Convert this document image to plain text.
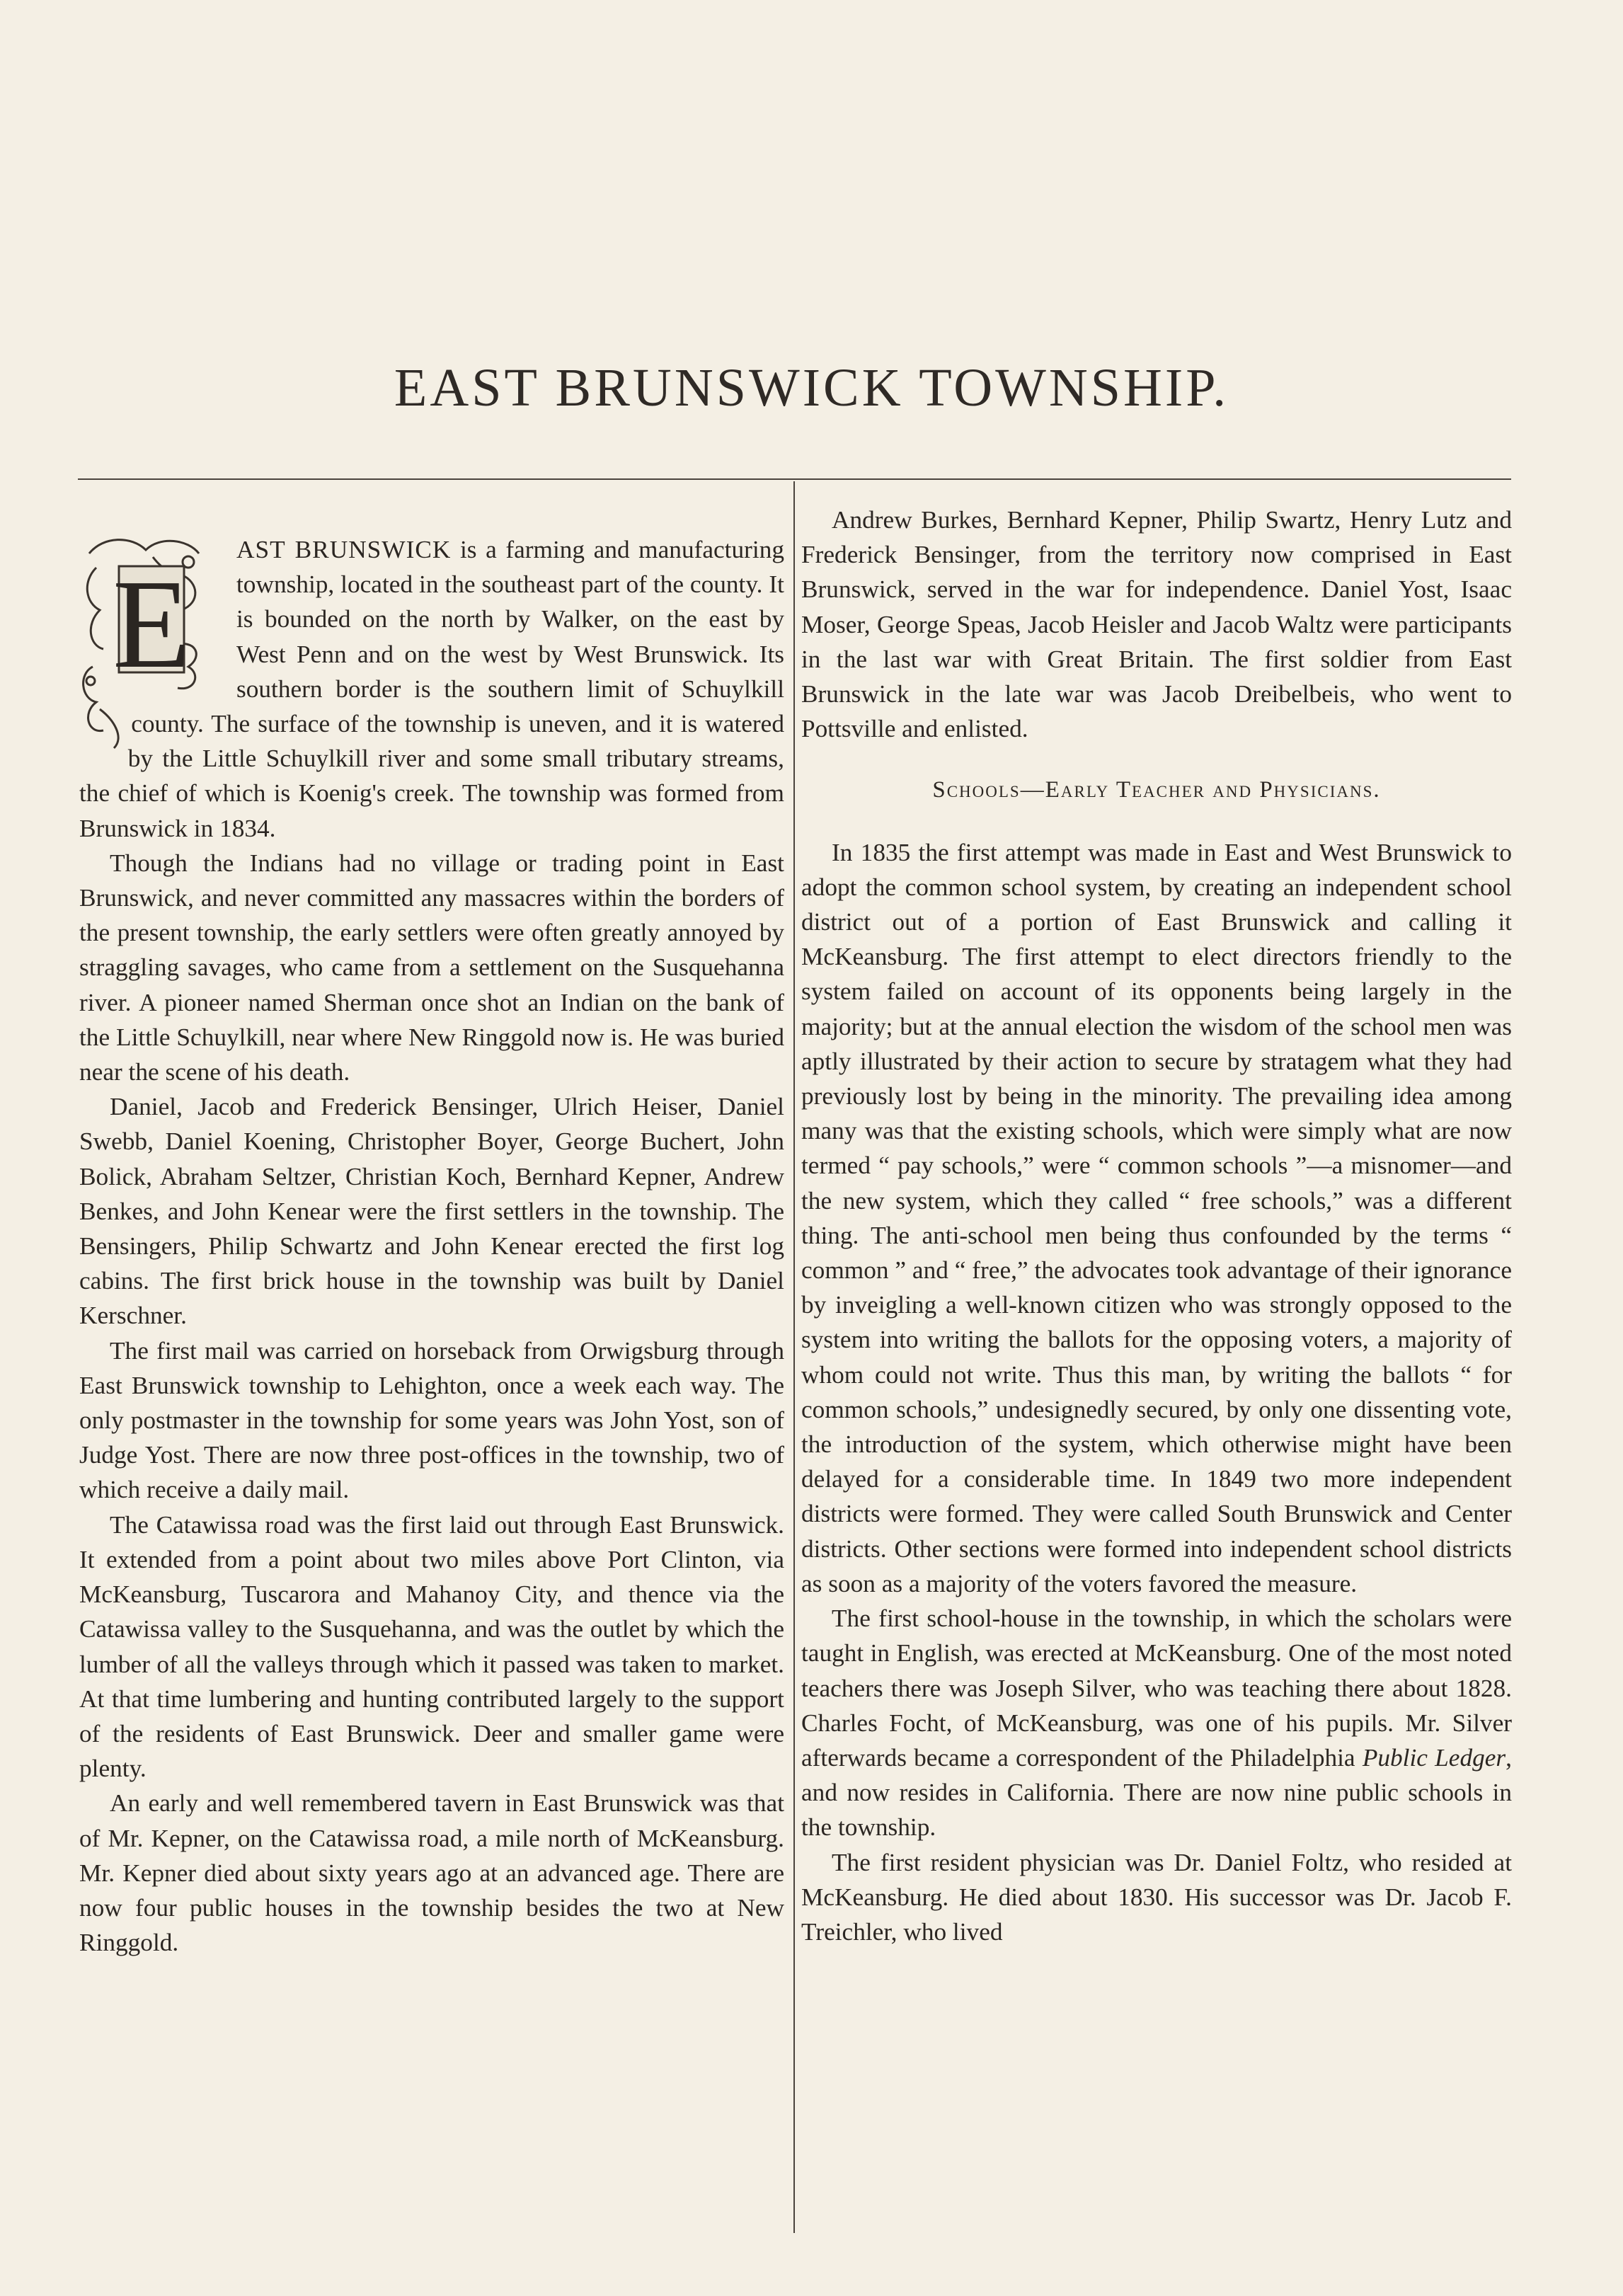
EAST BRUNSWICK TOWNSHIP.
E

AST BRUNSWICK is a farming and manufacturing township, located in the southeast part of the county. It is bounded on the north by Walker, on the east by West Penn and on the west by West Brunswick. Its southern border is the southern limit of Schuylkill county. The surface of the township is uneven, and it is watered by the Little Schuylkill river and some small tributary streams, the chief of which is Koenig's creek. The township was formed from Brunswick in 1834.

Though the Indians had no village or trading point in East Brunswick, and never committed any massacres within the borders of the present township, the early settlers were often greatly annoyed by straggling savages, who came from a settlement on the Susquehanna river. A pioneer named Sherman once shot an Indian on the bank of the Little Schuylkill, near where New Ringgold now is. He was buried near the scene of his death.

Daniel, Jacob and Frederick Bensinger, Ulrich Heiser, Daniel Swebb, Daniel Koening, Christopher Boyer, George Buchert, John Bolick, Abraham Seltzer, Christian Koch, Bernhard Kepner, Andrew Benkes, and John Kenear were the first settlers in the township. The Bensingers, Philip Schwartz and John Kenear erected the first log cabins. The first brick house in the township was built by Daniel Kerschner.

The first mail was carried on horseback from Orwigsburg through East Brunswick township to Lehighton, once a week each way. The only postmaster in the township for some years was John Yost, son of Judge Yost. There are now three post-offices in the township, two of which receive a daily mail.

The Catawissa road was the first laid out through East Brunswick. It extended from a point about two miles above Port Clinton, via McKeansburg, Tuscarora and Mahanoy City, and thence via the Catawissa valley to the Susquehanna, and was the outlet by which the lumber of all the valleys through which it passed was taken to market. At that time lumbering and hunting contributed largely to the support of the residents of East Brunswick. Deer and smaller game were plenty.

An early and well remembered tavern in East Brunswick was that of Mr. Kepner, on the Catawissa road, a mile north of McKeansburg. Mr. Kepner died about sixty years ago at an advanced age. There are now four public houses in the township besides the two at New Ringgold.

Andrew Burkes, Bernhard Kepner, Philip Swartz, Henry Lutz and Frederick Bensinger, from the territory now comprised in East Brunswick, served in the war for independence. Daniel Yost, Isaac Moser, George Speas, Jacob Heisler and Jacob Waltz were participants in the last war with Great Britain. The first soldier from East Brunswick in the late war was Jacob Dreibelbeis, who went to Pottsville and enlisted.

Schools—Early Teacher and Physicians.

In 1835 the first attempt was made in East and West Brunswick to adopt the common school system, by creating an independent school district out of a portion of East Brunswick and calling it McKeansburg. The first attempt to elect directors friendly to the system failed on account of its opponents being largely in the majority; but at the annual election the wisdom of the school men was aptly illustrated by their action to secure by stratagem what they had previously lost by being in the minority. The prevailing idea among many was that the existing schools, which were simply what are now termed “ pay schools,” were “ common schools ”—a misnomer—and the new system, which they called “ free schools,” was a different thing. The anti-school men being thus confounded by the terms “ common ” and “ free,” the advocates took advantage of their ignorance by inveigling a well-known citizen who was strongly opposed to the system into writing the ballots for the opposing voters, a majority of whom could not write. Thus this man, by writing the ballots “ for common schools,” undesignedly secured, by only one dissenting vote, the introduction of the system, which otherwise might have been delayed for a considerable time. In 1849 two more independent districts were formed. They were called South Brunswick and Center districts. Other sections were formed into independent school districts as soon as a majority of the voters favored the measure.

The first school-house in the township, in which the scholars were taught in English, was erected at McKeansburg. One of the most noted teachers there was Joseph Silver, who was teaching there about 1828. Charles Focht, of McKeansburg, was one of his pupils. Mr. Silver afterwards became a correspondent of the Philadelphia Public Ledger, and now resides in California. There are now nine public schools in the township.

The first resident physician was Dr. Daniel Foltz, who resided at McKeansburg. He died about 1830. His successor was Dr. Jacob F. Treichler, who lived
